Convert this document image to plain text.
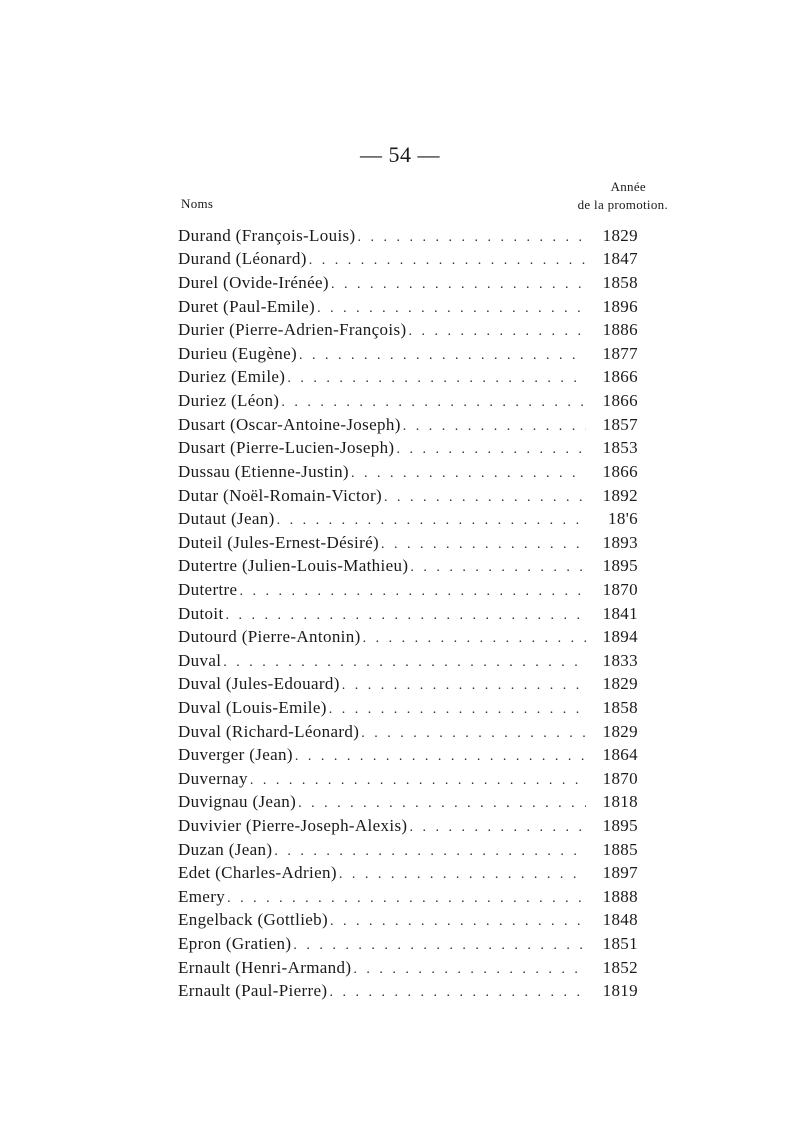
— 54 —
Noms
Année
de la promotion.
Durand (François-Louis) . . .	1829
Durand (Léonard) . . .	1847
Durel (Ovide-Irénée) . . .	1858
Duret (Paul-Emile) . . .	1896
Durier (Pierre-Adrien-François) . . .	1886
Durieu (Eugène) . . .	1877
Duriez (Emile) . . .	1866
Duriez (Léon) . . .	1866
Dusart (Oscar-Antoine-Joseph) . . .	1857
Dusart (Pierre-Lucien-Joseph) . . .	1853
Dussau (Etienne-Justin) . . .	1866
Dutar (Noël-Romain-Victor) . . .	1892
Dutaut (Jean) . . .	18'6
Duteil (Jules-Ernest-Désiré) . . .	1893
Dutertre (Julien-Louis-Mathieu) . . .	1895
Dutertre . . .	1870
Dutoit . . .	1841
Dutourd (Pierre-Antonin) . . .	1894
Duval . . .	1833
Duval (Jules-Edouard) . . .	1829
Duval (Louis-Emile) . . .	1858
Duval (Richard-Léonard) . . .	1829
Duverger (Jean) . . .	1864
Duvernay . . .	1870
Duvignau (Jean) . . .	1818
Duvivier (Pierre-Joseph-Alexis) . . .	1895
Duzan (Jean) . . .	1885
Edet (Charles-Adrien) . . .	1897
Emery . . .	1888
Engelback (Gottlieb) . . .	1848
Epron (Gratien) . . .	1851
Ernault (Henri-Armand) . . .	1852
Ernault (Paul-Pierre) . . .	1819
